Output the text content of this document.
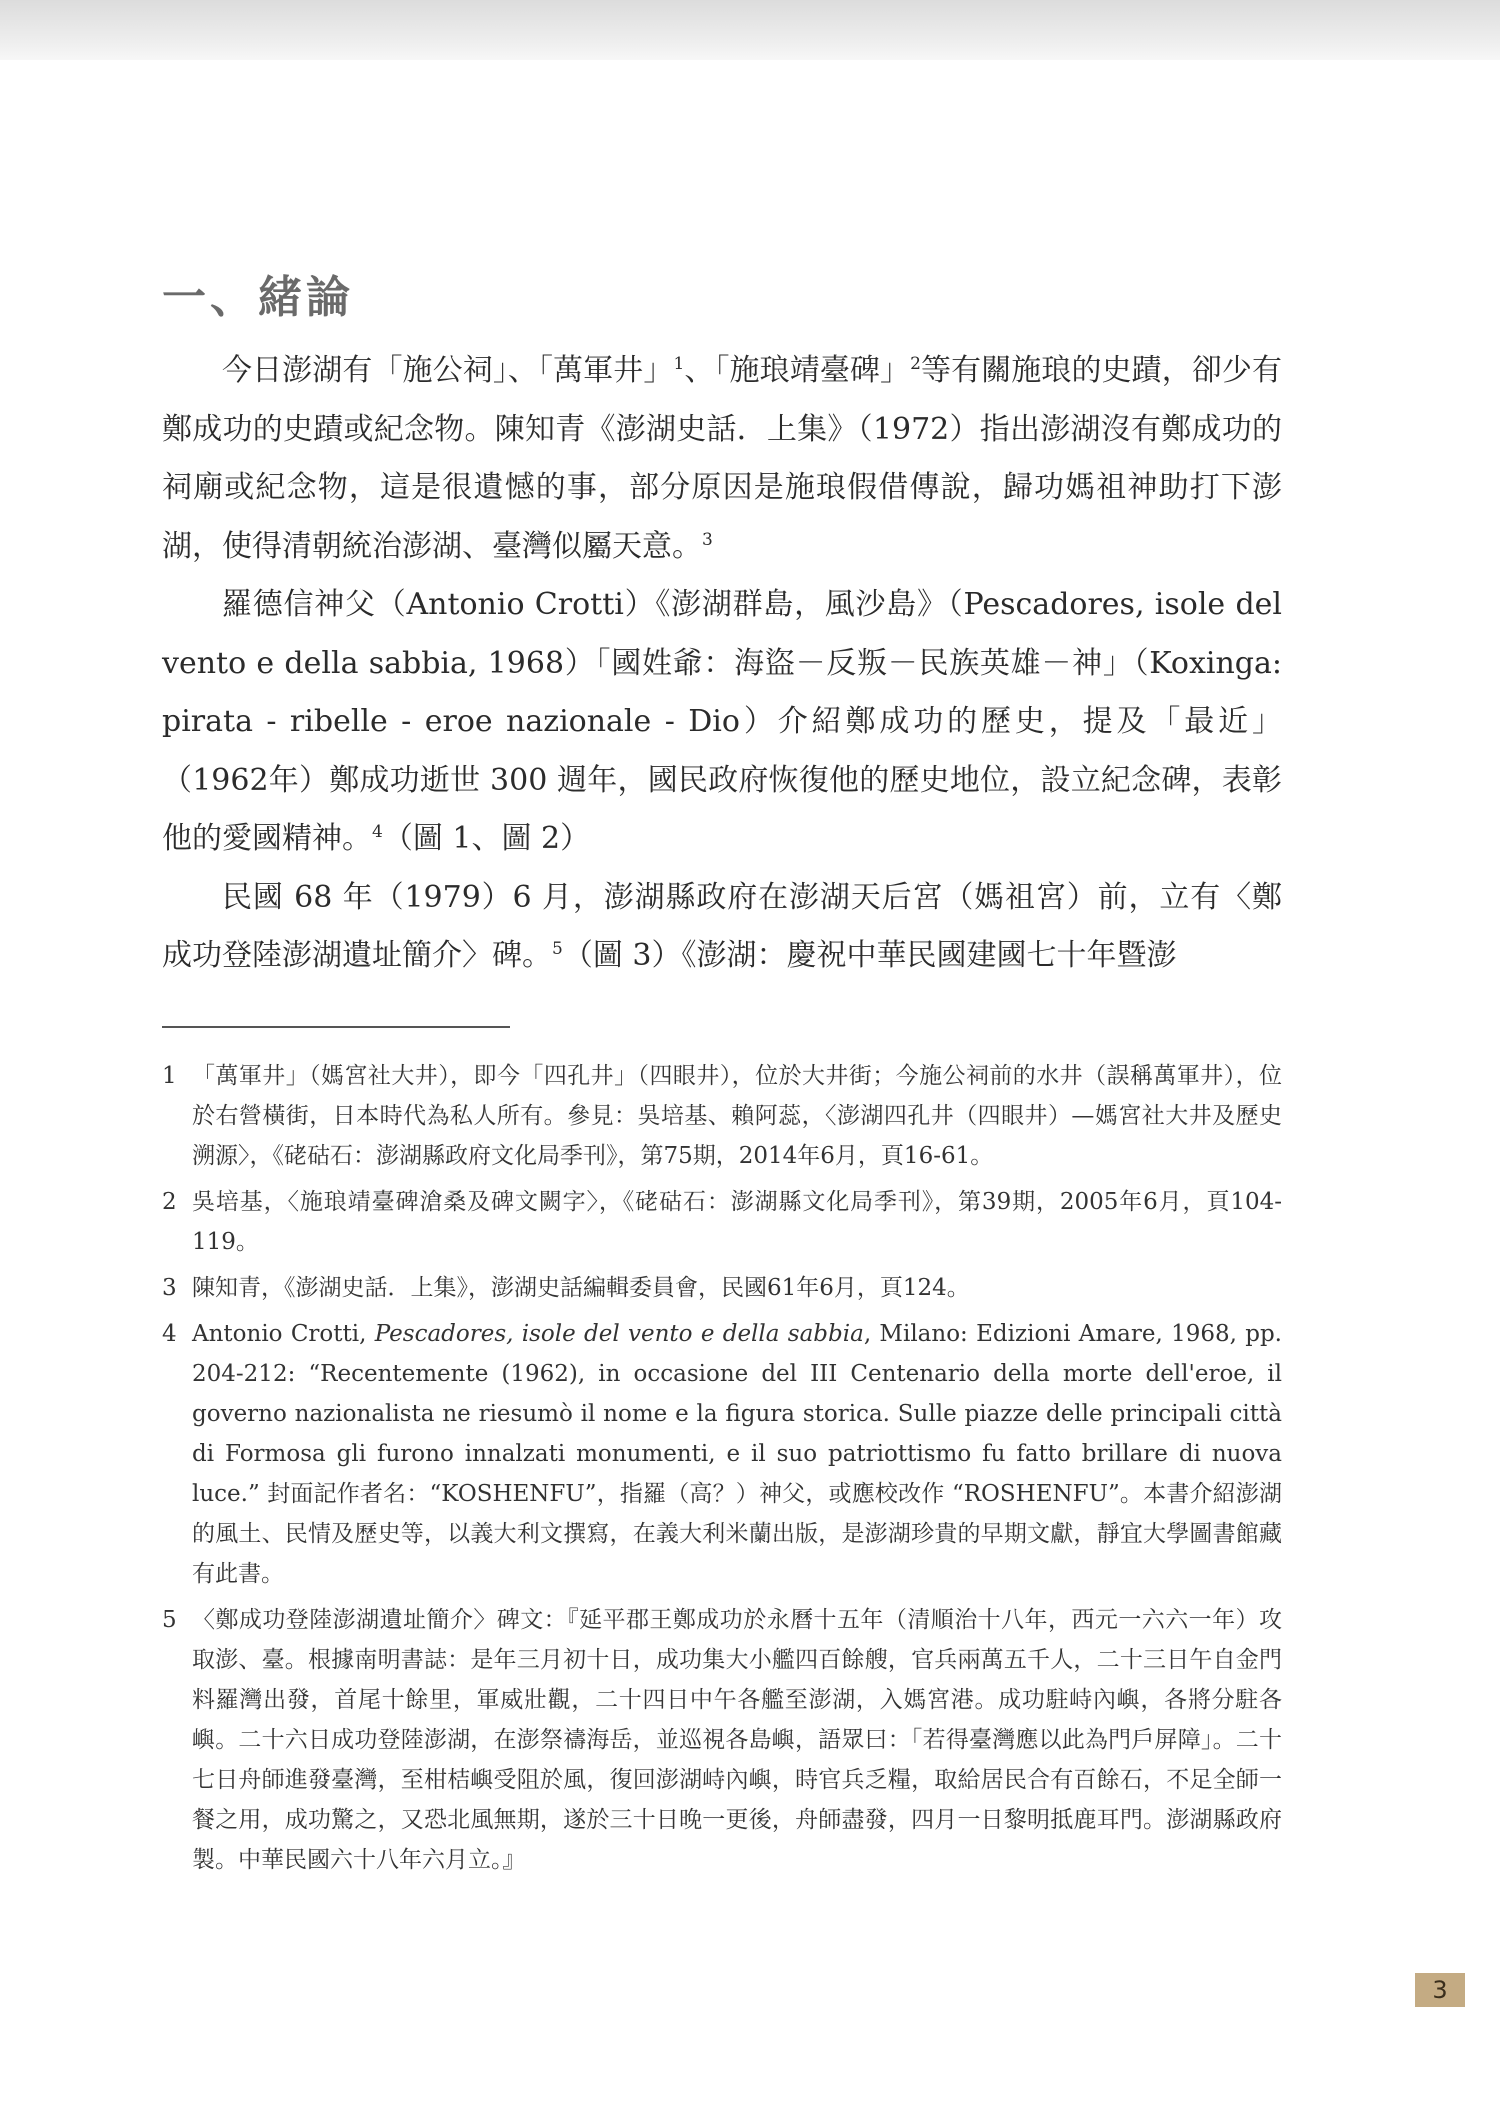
一、緒論

今日澎湖有「施公祠」、「萬軍井」$^1$、「施琅靖臺碑」$^2$等有關施琅的史蹟，卻少有鄭成功的史蹟或紀念物。陳知青《澎湖史話．上集》（1972）指出澎湖沒有鄭成功的祠廟或紀念物，這是很遺憾的事，部分原因是施琅假借傳說，歸功媽祖神助打下澎湖，使得清朝統治澎湖、臺灣似屬天意。$^3$

羅德信神父（Antonio Crotti）《澎湖群島，風沙島》（Pescadores, isole del vento e della sabbia, 1968）「國姓爺：海盜－反叛－民族英雄－神」（Koxinga: pirata - ribelle - eroe nazionale - Dio）介紹鄭成功的歷史，提及「最近」（1962年）鄭成功逝世 300 週年，國民政府恢復他的歷史地位，設立紀念碑，表彰他的愛國精神。$^4$（圖 1、圖 2）

民國 68 年（1979）6 月，澎湖縣政府在澎湖天后宮（媽祖宮）前，立有〈鄭成功登陸澎湖遺址簡介〉碑。$^5$（圖 3）《澎湖：慶祝中華民國建國七十年暨澎

1 「萬軍井」（媽宮社大井），即今「四孔井」（四眼井），位於大井街；今施公祠前的水井（誤稱萬軍井），位於右營橫街，日本時代為私人所有。參見：吳培基、賴阿蕊，〈澎湖四孔井（四眼井）—媽宮社大井及歷史溯源〉，《硓𥑮石：澎湖縣政府文化局季刊》，第75期，2014年6月，頁16-61。
2 吳培基，〈施琅靖臺碑滄桑及碑文闕字〉，《硓𥑮石：澎湖縣文化局季刊》，第39期，2005年6月，頁104-119。
3 陳知青，《澎湖史話．上集》，澎湖史話編輯委員會，民國61年6月，頁124。
4 Antonio Crotti, Pescadores, isole del vento e della sabbia, Milano: Edizioni Amare, 1968, pp. 204-212: “Recentemente (1962), in occasione del III Centenario della morte dell'eroe, il governo nazionalista ne riesumò il nome e la figura storica. Sulle piazze delle principali città di Formosa gli furono innalzati monumenti, e il suo patriottismo fu fatto brillare di nuova luce.” 封面記作者名：“KOSHENFU”，指羅（高？）神父，或應校改作 “ROSHENFU”。本書介紹澎湖的風土、民情及歷史等，以義大利文撰寫，在義大利米蘭出版，是澎湖珍貴的早期文獻，靜宜大學圖書館藏有此書。
5 〈鄭成功登陸澎湖遺址簡介〉碑文：『延平郡王鄭成功於永曆十五年（清順治十八年，西元一六六一年）攻取澎、臺。根據南明書誌：是年三月初十日，成功集大小艦四百餘艘，官兵兩萬五千人，二十三日午自金門料羅灣出發，首尾十餘里，軍威壯觀，二十四日中午各艦至澎湖，入媽宮港。成功駐峙內嶼，各將分駐各嶼。二十六日成功登陸澎湖，在澎祭禱海岳，並巡視各島嶼，語眾曰：「若得臺灣應以此為門戶屏障」。二十七日舟師進發臺灣，至柑桔嶼受阻於風，復回澎湖峙內嶼，時官兵乏糧，取給居民合有百餘石，不足全師一餐之用，成功驚之，又恐北風無期，遂於三十日晚一更後，舟師盡發，四月一日黎明抵鹿耳門。澎湖縣政府製。中華民國六十八年六月立。』
3
